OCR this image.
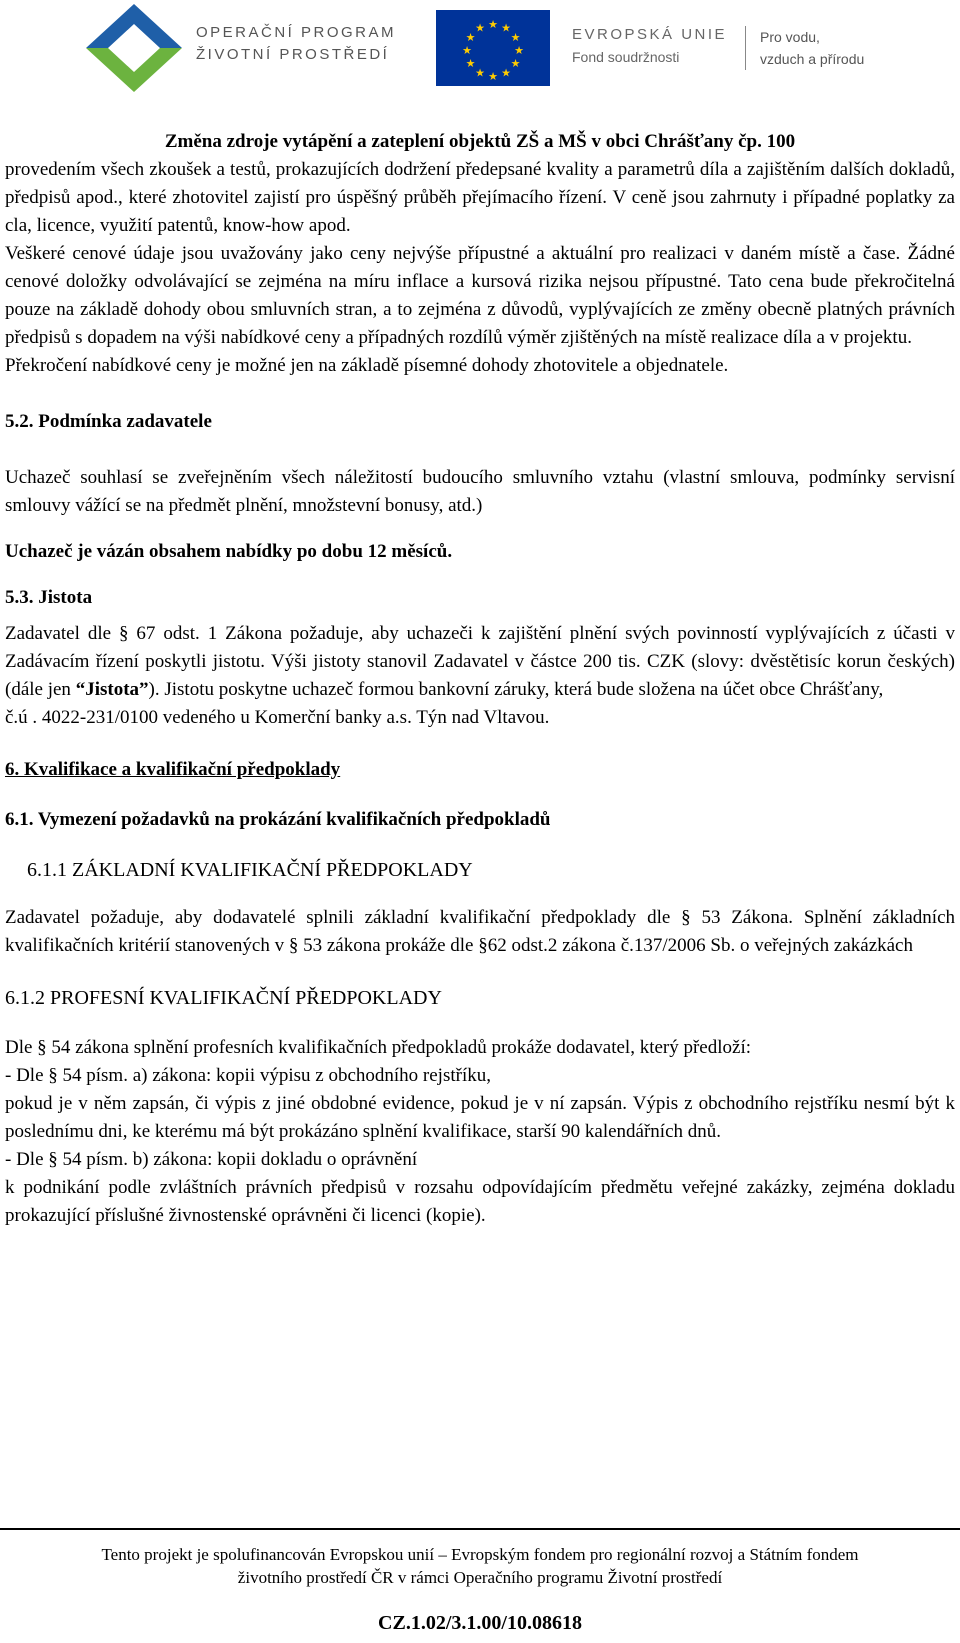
OPERAČNÍ PROGRAM
ŽIVOTNÍ PROSTŘEDÍ
★ ★
★
★
★
★
★
★
★
★
★
★	EVROPSKÁ UNIE
Fond soudržnosti
Pro vodu,
vzduch a přírodu

Změna zdroje vytápění a zateplení objektů ZŠ a MŠ v obci Chrášťany čp. 100

provedením všech zkoušek a testů, prokazujících dodržení předepsané kvality a parametrů díla a zajištěním dalších dokladů, předpisů apod., které zhotovitel zajistí pro úspěšný průběh přejímacího řízení. V ceně jsou zahrnuty i případné poplatky za cla, licence, využití patentů, know-how apod.

Veškeré cenové údaje jsou uvažovány jako ceny nejvýše přípustné a aktuální pro realizaci v daném místě a čase. Žádné cenové doložky odvolávající se zejména na míru inflace a kursová rizika nejsou přípustné. Tato cena bude překročitelná pouze na základě dohody obou smluvních stran, a to zejména z důvodů, vyplývajících ze změny obecně platných právních předpisů s dopadem na výši nabídkové ceny a případných rozdílů výměr zjištěných na místě realizace díla a v projektu.

Překročení nabídkové ceny je možné jen na základě písemné dohody zhotovitele a objednatele.

5.2. Podmínka zadavatele

Uchazeč souhlasí se zveřejněním všech náležitostí budoucího smluvního vztahu (vlastní smlouva, podmínky servisní smlouvy vážící se na předmět plnění, množstevní bonusy, atd.)

Uchazeč je vázán obsahem nabídky po dobu 12 měsíců.

5.3. Jistota

Zadavatel dle § 67 odst. 1 Zákona požaduje, aby uchazeči k zajištění plnění svých povinností vyplývajících z účasti v Zadávacím řízení poskytli jistotu. Výši jistoty stanovil Zadavatel v částce 200 tis. CZK (slovy: dvěstětisíc korun českých) (dále jen “Jistota”). Jistotu poskytne uchazeč formou bankovní záruky, která bude složena na účet obce Chrášťany,

č.ú . 4022-231/0100 vedeného u Komerční banky a.s. Týn nad Vltavou.

6. Kvalifikace a kvalifikační předpoklady

6.1. Vymezení požadavků na prokázání kvalifikačních předpokladů

6.1.1 ZÁKLADNÍ KVALIFIKAČNÍ PŘEDPOKLADY

Zadavatel požaduje, aby dodavatelé splnili základní kvalifikační předpoklady dle § 53 Zákona. Splnění základních kvalifikačních kritérií stanovených v § 53 zákona prokáže dle §62 odst.2 zákona č.137/2006 Sb. o veřejných zakázkách

6.1.2 PROFESNÍ KVALIFIKAČNÍ PŘEDPOKLADY

Dle § 54 zákona splnění profesních kvalifikačních předpokladů prokáže dodavatel, který předloží:

- Dle § 54 písm. a) zákona: kopii výpisu z obchodního rejstříku,

pokud je v něm zapsán, či výpis z jiné obdobné evidence, pokud je v ní zapsán. Výpis z obchodního rejstříku nesmí být k poslednímu dni, ke kterému má být prokázáno splnění kvalifikace, starší 90 kalendářních dnů.

- Dle § 54 písm. b) zákona: kopii dokladu o oprávnění

k podnikání podle zvláštních právních předpisů v rozsahu odpovídajícím předmětu veřejné zakázky, zejména dokladu prokazující příslušné živnostenské oprávněni či licenci (kopie).

Tento projekt je spolufinancován Evropskou unií – Evropským fondem pro regionální rozvoj a Státním fondem
životního prostředí ČR v rámci Operačního programu Životní prostředí
CZ.1.02/3.1.00/10.08618
